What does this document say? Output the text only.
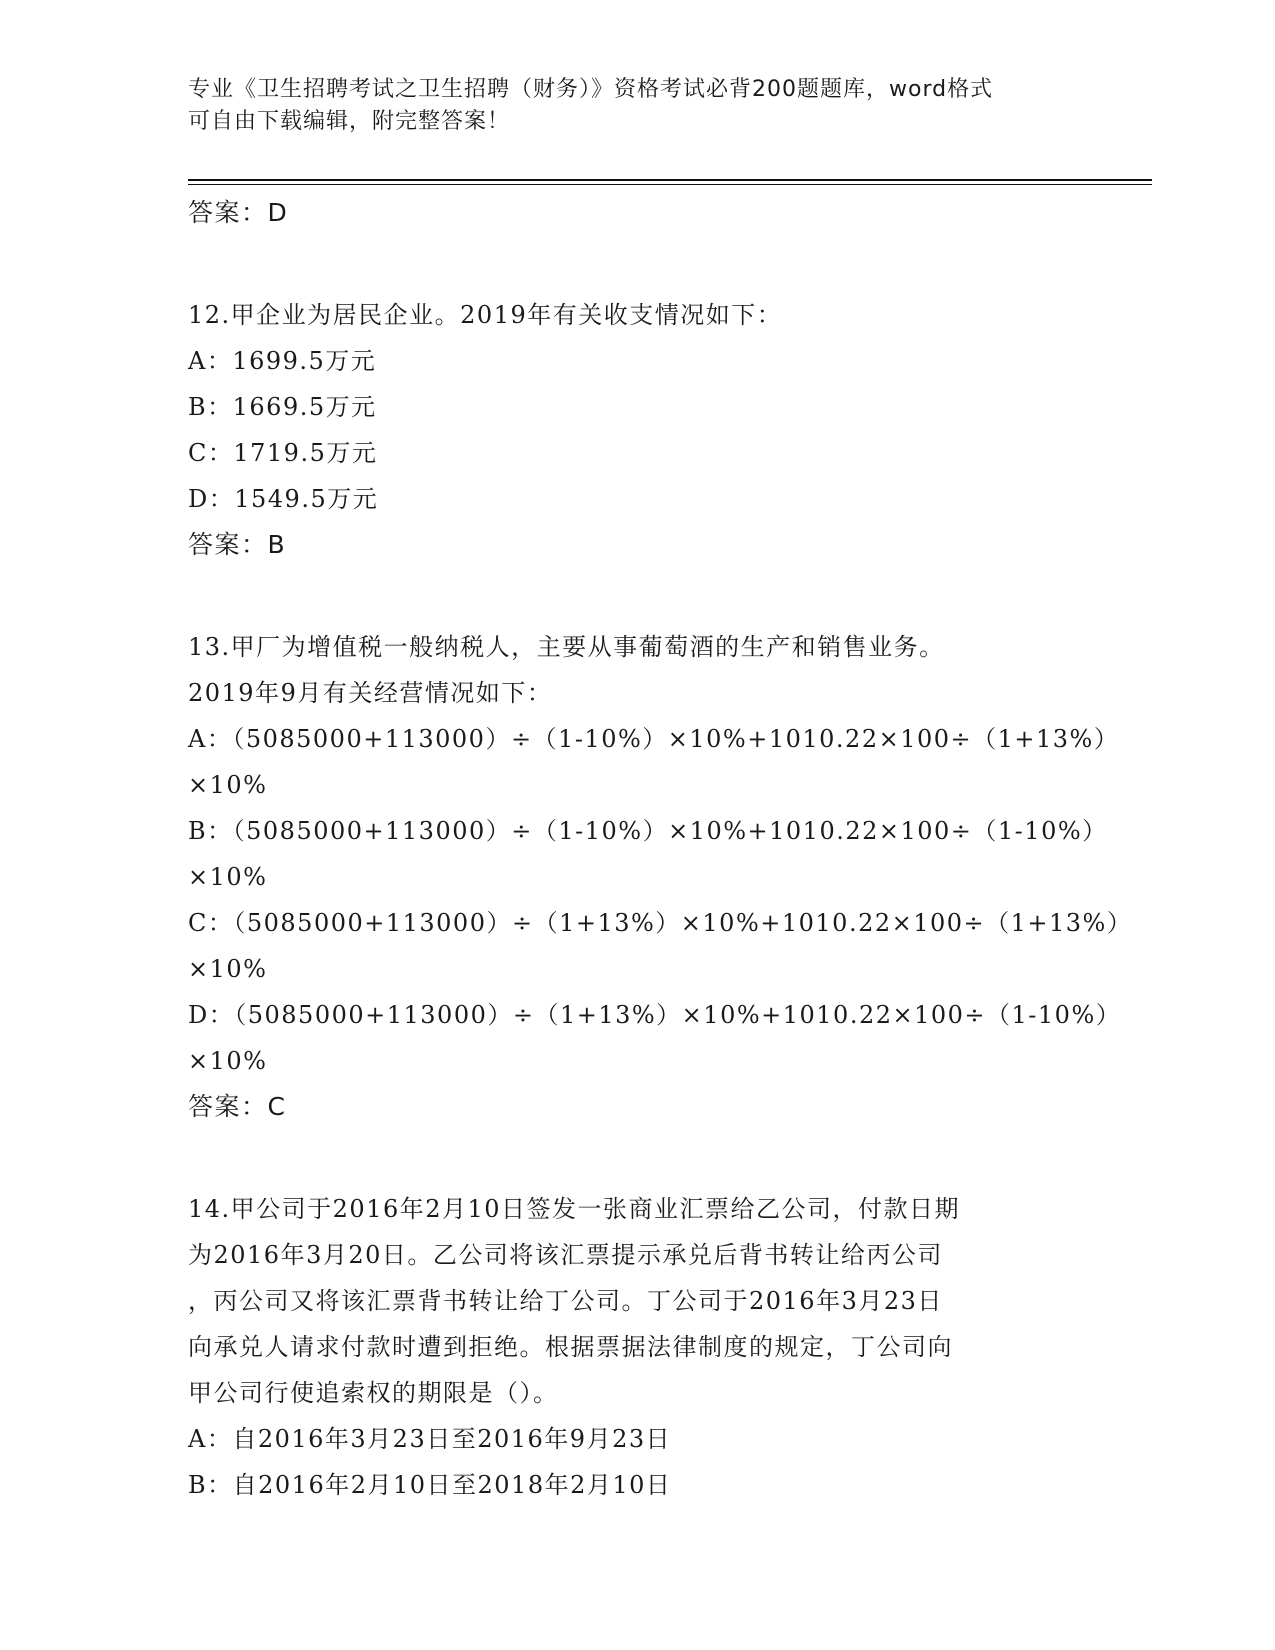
专业《卫生招聘考试之卫生招聘（财务）》资格考试必背200题题库，word格式
可自由下载编辑，附完整答案！
答案：D
12.甲企业为居民企业。2019年有关收支情况如下：
A：1699.5万元
B：1669.5万元
C：1719.5万元
D：1549.5万元
答案：B
13.甲厂为增值税一般纳税人，主要从事葡萄酒的生产和销售业务。
2019年9月有关经营情况如下：
A：（5085000+113000）÷（1-10%）×10%+1010.22×100÷（1+13%）
×10%
B：（5085000+113000）÷（1-10%）×10%+1010.22×100÷（1-10%）
×10%
C：（5085000+113000）÷（1+13%）×10%+1010.22×100÷（1+13%）
×10%
D：（5085000+113000）÷（1+13%）×10%+1010.22×100÷（1-10%）
×10%
答案：C
14.甲公司于2016年2月10日签发一张商业汇票给乙公司，付款日期
为2016年3月20日。乙公司将该汇票提示承兑后背书转让给丙公司
，丙公司又将该汇票背书转让给丁公司。丁公司于2016年3月23日
向承兑人请求付款时遭到拒绝。根据票据法律制度的规定，丁公司向
甲公司行使追索权的期限是（）。
A：自2016年3月23日至2016年9月23日
B：自2016年2月10日至2018年2月10日
